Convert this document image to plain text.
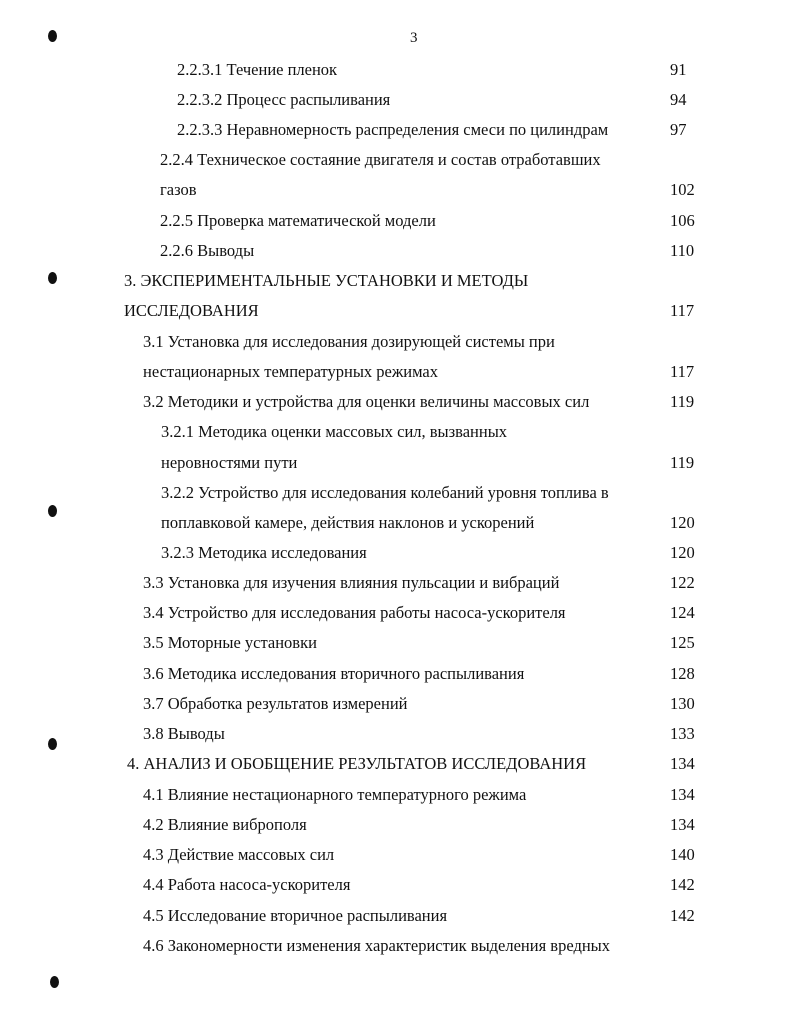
3
2.2.3.1 Течение пленок	91
2.2.3.2 Процесс распыливания	94
2.2.3.3 Неравномерность распределения смеси по цилиндрам	97
2.2.4 Техническое состаяние двигателя и состав отработавших
газов	102
2.2.5 Проверка математической модели	106
2.2.6 Выводы	110
3. ЭКСПЕРИМЕНТАЛЬНЫЕ УСТАНОВКИ И МЕТОДЫ
ИССЛЕДОВАНИЯ	117
3.1 Установка для исследования дозирующей системы при
нестационарных температурных режимах	117
3.2 Методики и устройства для оценки величины массовых сил	119
3.2.1 Методика оценки массовых сил, вызванных
неровностями пути	119
3.2.2 Устройство для исследования колебаний уровня топлива в
поплавковой камере, действия наклонов и ускорений	120
3.2.3 Методика исследования	120
3.3 Установка для изучения влияния пульсации и вибраций	122
3.4 Устройство для исследования работы насоса-ускорителя	124
3.5 Моторные установки	125
3.6 Методика исследования вторичного распыливания	128
3.7 Обработка результатов измерений	130
3.8 Выводы	133
4. АНАЛИЗ И ОБОБЩЕНИЕ РЕЗУЛЬТАТОВ ИССЛЕДОВАНИЯ	134
4.1 Влияние нестационарного температурного режима	134
4.2 Влияние виброполя	134
4.3 Действие массовых сил	140
4.4 Работа насоса-ускорителя	142
4.5 Исследование вторичное распыливания	142
4.6 Закономерности изменения характеристик выделения вредных
